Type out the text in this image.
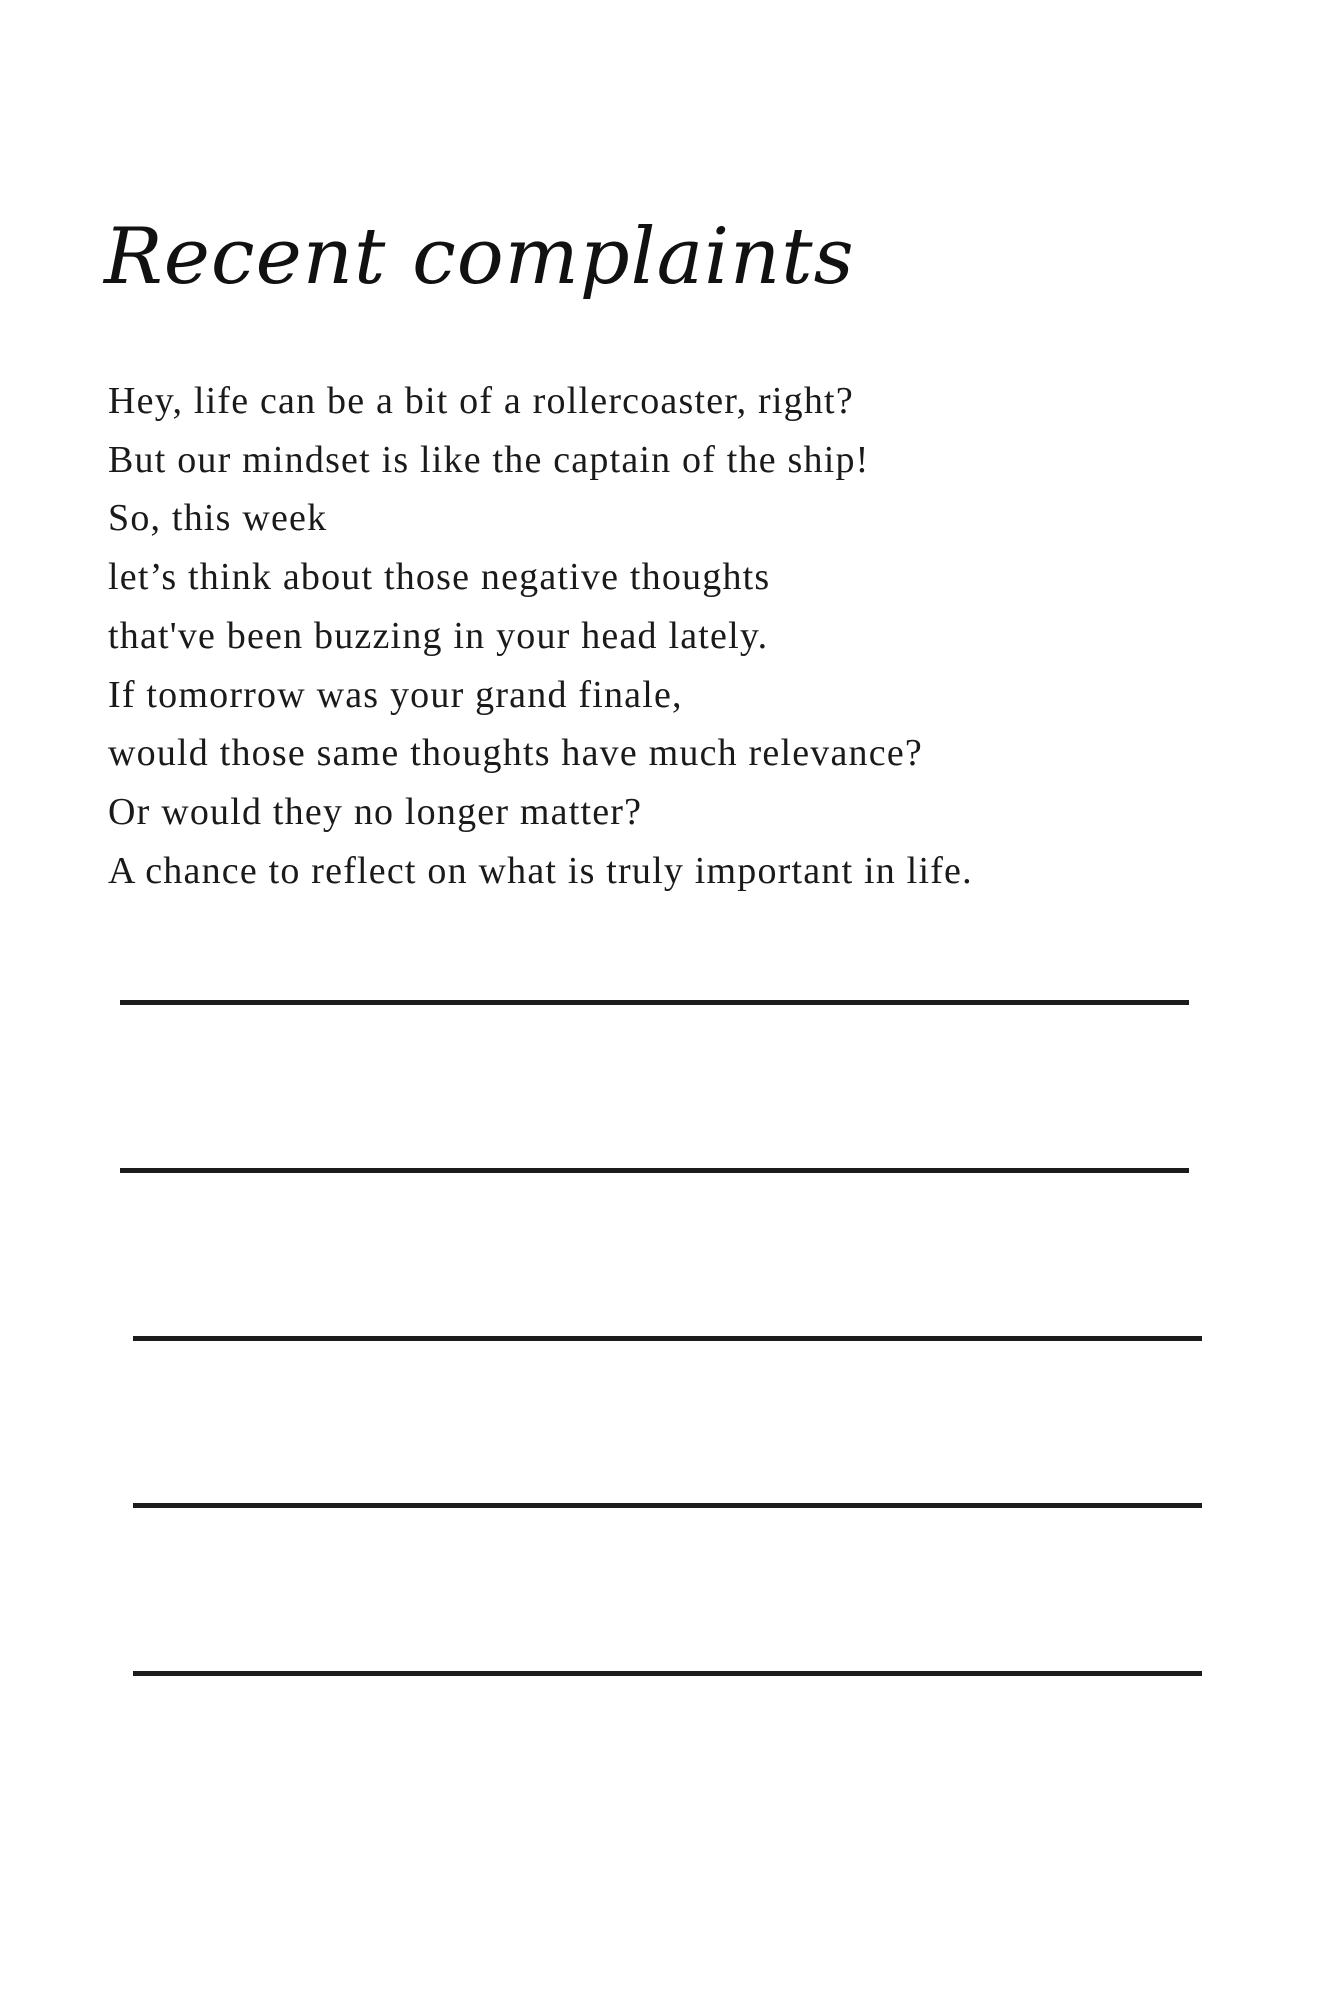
Recent complaints
Hey, life can be a bit of a rollercoaster, right?
But our mindset is like the captain of the ship!
So, this week
let’s think about those negative thoughts
that've been buzzing in your head lately.
If tomorrow was your grand finale,
would those same thoughts have much relevance?
Or would they no longer matter?
A chance to reflect on what is truly important in life.
